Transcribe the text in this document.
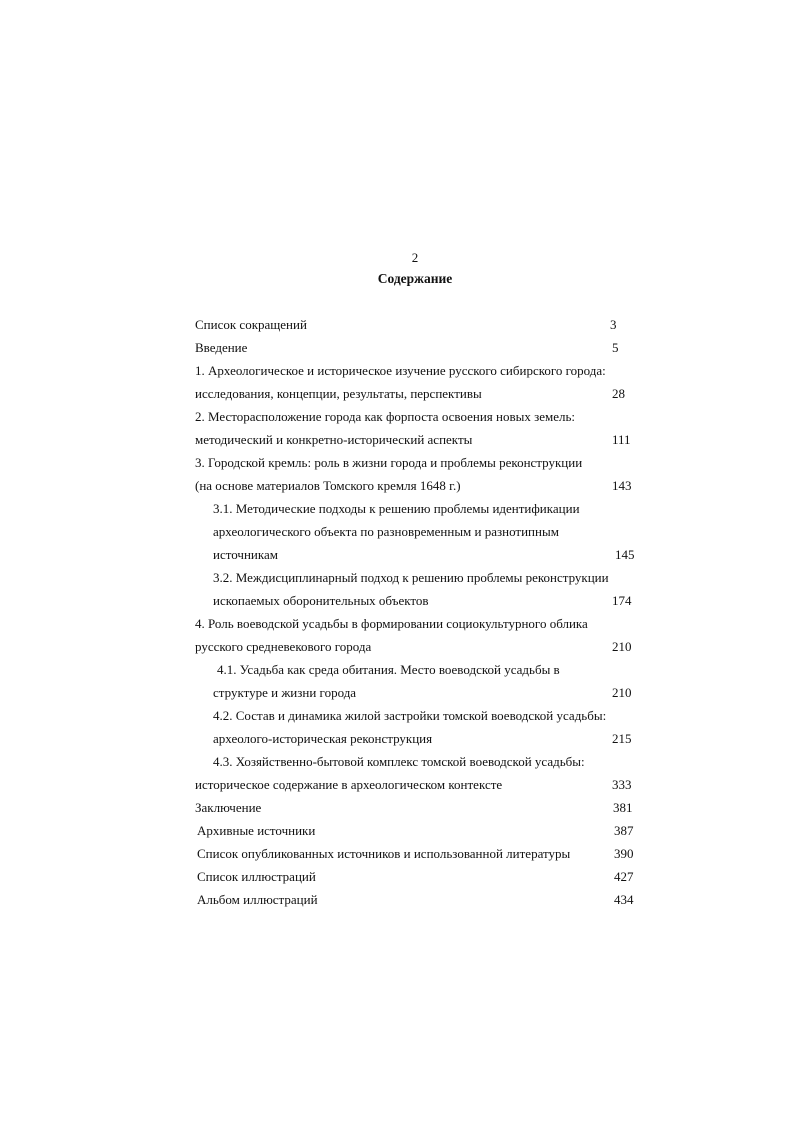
2
Содержание
Список сокращений	3
Введение	5
1. Археологическое и историческое изучение русского сибирского города:
исследования, концепции, результаты, перспективы	28
2. Месторасположение города как форпоста освоения новых земель:
методический и конкретно-исторический аспекты	111
3. Городской кремль: роль в жизни города и проблемы реконструкции
(на основе материалов Томского кремля 1648 г.)	143
3.1. Методические подходы к решению проблемы идентификации
археологического объекта по разновременным и разнотипным
источникам	145
3.2. Междисциплинарный подход к решению проблемы реконструкции
ископаемых оборонительных объектов	174
4. Роль воеводской усадьбы в формировании социокультурного облика
русского средневекового города	210
4.1. Усадьба как среда обитания. Место воеводской усадьбы в
структуре и жизни города	210
4.2. Состав и динамика жилой застройки томской воеводской усадьбы:
археолого-историческая реконструкция	215
4.3. Хозяйственно-бытовой комплекс томской воеводской усадьбы:
историческое содержание в археологическом контексте	333
Заключение	381
Архивные источники	387
Список опубликованных источников и использованной литературы	390
Список иллюстраций	427
Альбом иллюстраций	434
